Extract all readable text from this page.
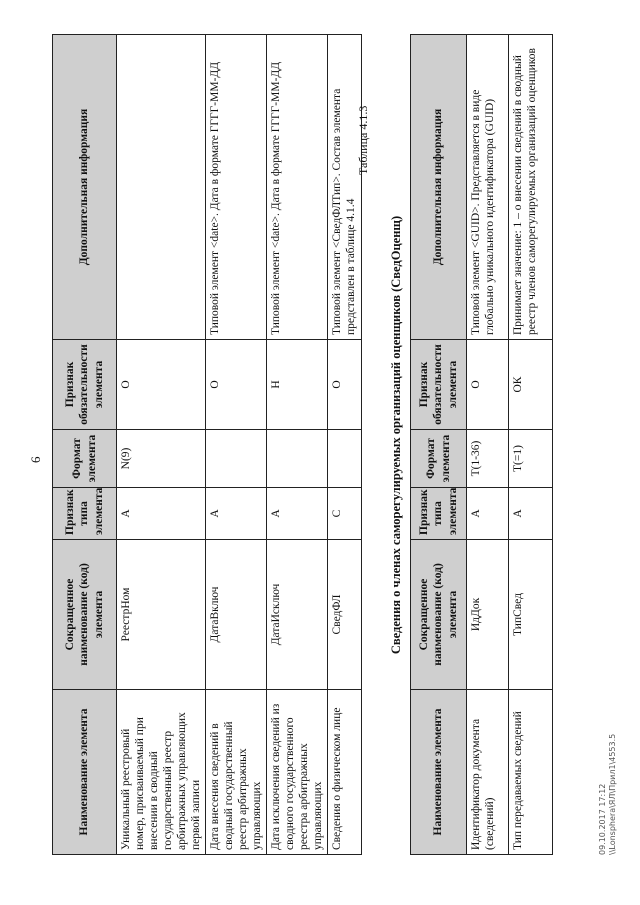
6
Наименование элемента	Сокращенное наименование (код) элемента	Признак типа элемента	Формат элемента	Признак обязательности элемента	Дополнительная информация
Уникальный реестровый номер, присваиваемый при внесении в сводный государственный реестр арбитражных управляющих первой записи	РеестрНом	А	N(9)	О	
Дата внесения сведений в сводный государственный реестр арбитражных управляющих	ДатаВключ	А		О	Типовой элемент <date>. Дата в формате ГГГГ-ММ-ДД
Дата исключения сведений из сводного государственного реестра арбитражных управляющих	ДатаИсключ	А		Н	Типовой элемент <date>. Дата в формате ГГГГ-ММ-ДД
Сведения о физическом лице	СведФЛ	С		О	Типовой элемент <СведФЛТип>. Состав элемента представлен в таблице 4.1.4
Таблица 4.1.3
Сведения о членах саморегулируемых организаций оценщиков (СведОценщ)
Наименование элемента	Сокращенное наименование (код) элемента	Признак типа элемента	Формат элемента	Признак обязательности элемента	Дополнительная информация
Идентификатор документа (сведений)	ИдДок	А	T(1-36)	О	Типовой элемент <GUID>. Представляется в виде глобально уникального идентификатора (GUID)
Тип передаваемых сведений	ТипСвед	А	T(=1)	ОК	Принимает значение: 1 – о внесении сведений в сводный реестр членов саморегулируемых организаций оценщиков
09.10.2017 17:12 \\Lonsphera\ЯЛ\Прил1\4553.5
